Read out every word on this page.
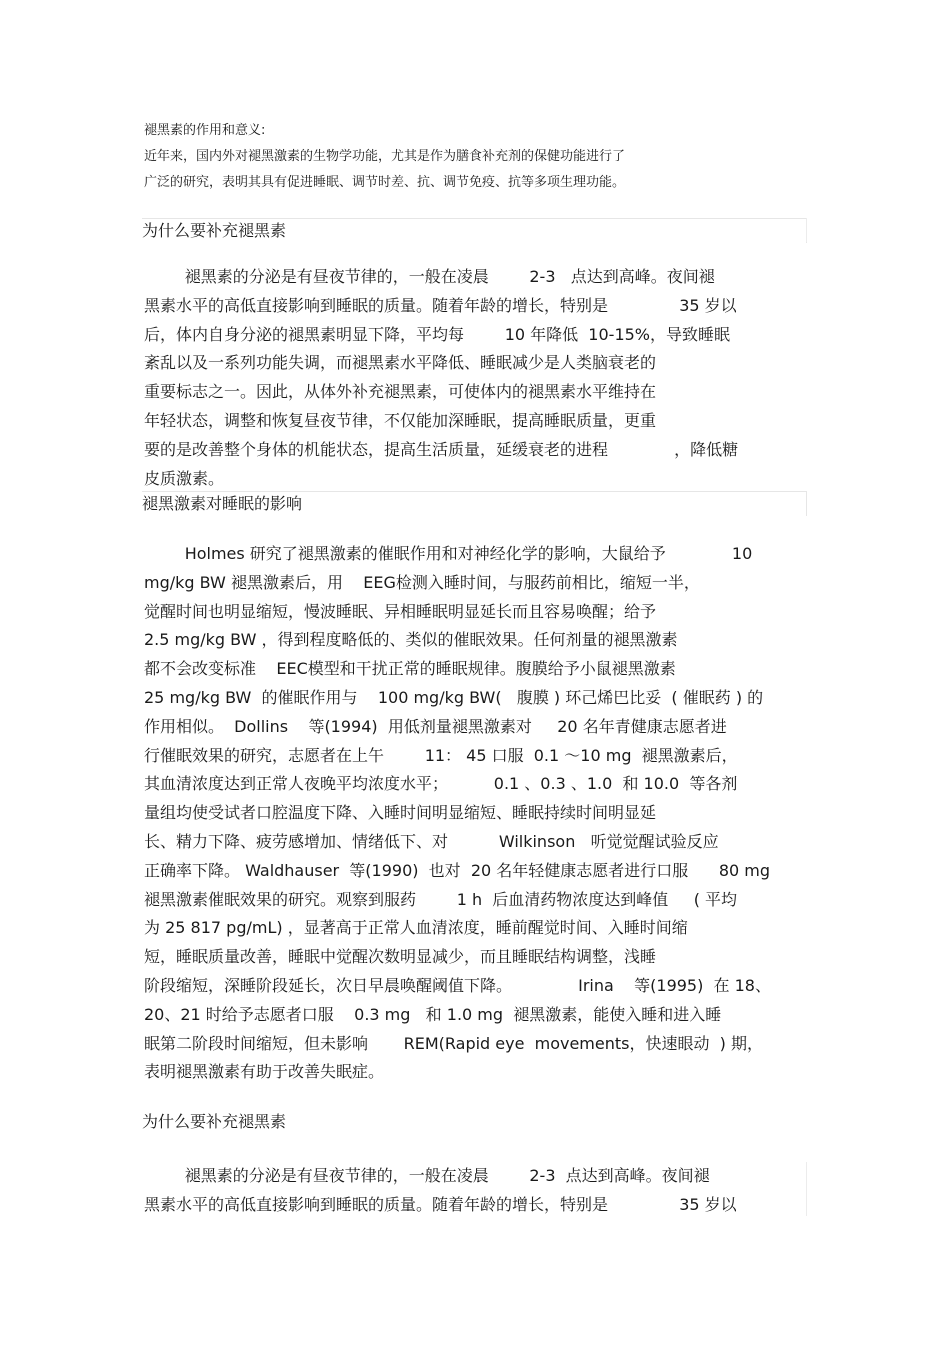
褪黑素的作用和意义:
近年来，国内外对褪黑激素的生物学功能，尤其是作为膳食补充剂的保健功能进行了
广泛的研究，表明其具有促进睡眠、调节时差、抗、调节免疫、抗等多项生理功能。
为什么要补充褪黑素
褪黑素的分泌是有昼夜节律的，一般在凌晨        2-3   点达到高峰。夜间褪
黑素水平的高低直接影响到睡眠的质量。随着年龄的增长，特别是              35 岁以
后，体内自身分泌的褪黑素明显下降，平均每        10 年降低  10-15%，导致睡眠
紊乱以及一系列功能失调，而褪黑素水平降低、睡眠减少是人类脑衰老的
重要标志之一。因此，从体外补充褪黑素，可使体内的褪黑素水平维持在
年轻状态，调整和恢复昼夜节律，不仅能加深睡眠，提高睡眠质量，更重
要的是改善整个身体的机能状态，提高生活质量，延缓衰老的进程             ，降低糖
皮质激素。
褪黑激素对睡眠的影响
Holmes 研究了褪黑激素的催眠作用和对神经化学的影响，大鼠给予             10
mg/kg BW 褪黑激素后，用    EEG检测入睡时间，与服药前相比，缩短一半，
觉醒时间也明显缩短，慢波睡眠、异相睡眠明显延长而且容易唤醒；给予
2.5 mg/kg BW ，得到程度略低的、类似的催眠效果。任何剂量的褪黑激素
都不会改变标准    EEC模型和干扰正常的睡眠规律。腹膜给予小鼠褪黑激素
25 mg/kg BW  的催眠作用与    100 mg/kg BW(   腹膜 ) 环己烯巴比妥  ( 催眠药 ) 的
作用相似。  Dollins    等(1994)  用低剂量褪黑激素对     20 名年青健康志愿者进
行催眠效果的研究，志愿者在上午        11： 45 口服  0.1 ～10 mg  褪黑激素后，
其血清浓度达到正常人夜晚平均浓度水平；         0.1 、0.3 、1.0  和 10.0  等各剂
量组均使受试者口腔温度下降、入睡时间明显缩短、睡眠持续时间明显延
长、精力下降、疲劳感增加、情绪低下、对          Wilkinson   听觉觉醒试验反应
正确率下降。 Waldhauser  等(1990)  也对  20 名年轻健康志愿者进行口服      80 mg
褪黑激素催眠效果的研究。观察到服药        1 h  后血清药物浓度达到峰值     ( 平均
为 25 817 pg/mL) ，显著高于正常人血清浓度，睡前醒觉时间、入睡时间缩
短，睡眠质量改善，睡眠中觉醒次数明显减少，而且睡眠结构调整，浅睡
阶段缩短，深睡阶段延长，次日早晨唤醒阈值下降。             Irina    等(1995)  在 18、
20、21 时给予志愿者口服    0.3 mg   和 1.0 mg  褪黑激素，能使入睡和进入睡
眠第二阶段时间缩短，但未影响       REM(Rapid eye  movements，快速眼动  ) 期，
表明褪黑激素有助于改善失眠症。
为什么要补充褪黑素
褪黑素的分泌是有昼夜节律的，一般在凌晨        2-3  点达到高峰。夜间褪
黑素水平的高低直接影响到睡眠的质量。随着年龄的增长，特别是              35 岁以
